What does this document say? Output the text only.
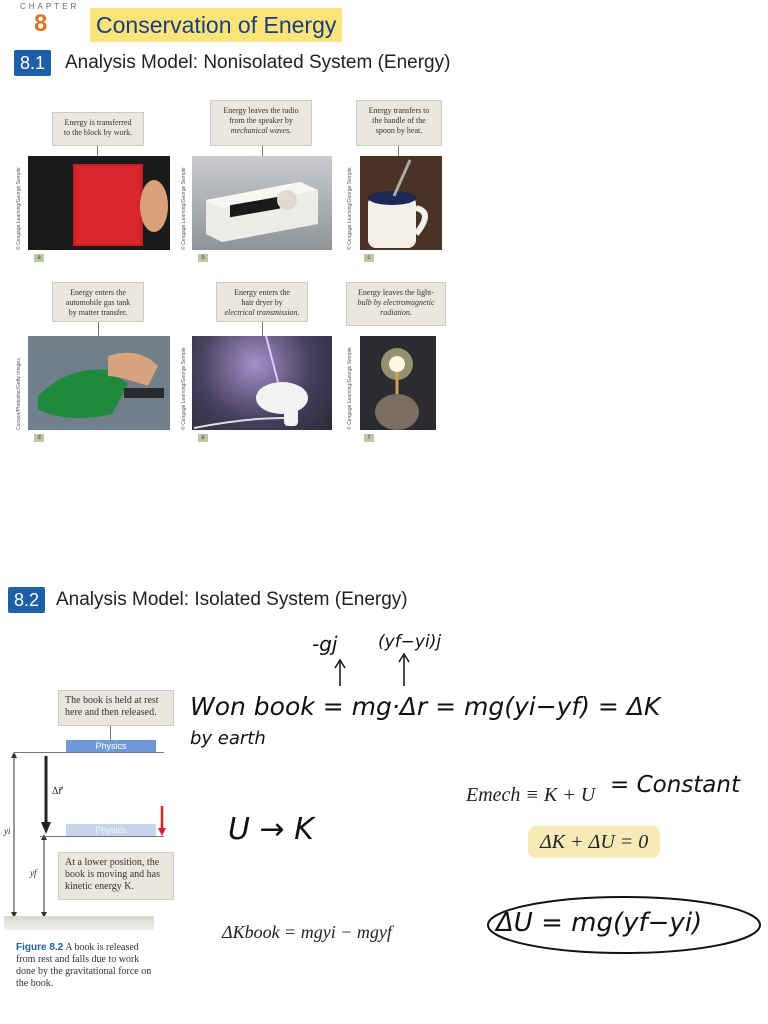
CHAPTER
8 Conservation of Energy
8.1	Analysis Model: Nonisolated System (Energy)
Energy is transferred
to the block by work.
© Cengage Learning/George Semple
a
Energy leaves the radio
from the speaker by
mechanical waves.
© Cengage Learning/George Semple
b
Energy transfers to
the handle of the
spoon by heat.
© Cengage Learning/George Semple
c
Energy enters the
automobile gas tank
by matter transfer.
Cocoon/Photodisc/Getty Images
d
Energy enters the
hair dryer by
electrical transmission.
© Cengage Learning/George Semple
e
Energy leaves the light-
bulb by electromagnetic
radiation.
© Cengage Learning/George Semple
f
8.2 Analysis Model: Isolated System (Energy)
The book is held at rest
here and then released.
Physics
Δr⃗
yi
yf
Physics
At a lower position, the
book is moving and has
kinetic energy K.
Figure 8.2 A book is released
from rest and falls due to work
done by the gravitational force on
the book.
-gj (yf−yi)j
Won book = mg·Δr = mg(yi−yf) = ΔK
by earth
Emech ≡ K + U = Constant
ΔK + ΔU = 0
U → K
ΔKbook = mgyi − mgyf	ΔU = mg(yf−yi)
